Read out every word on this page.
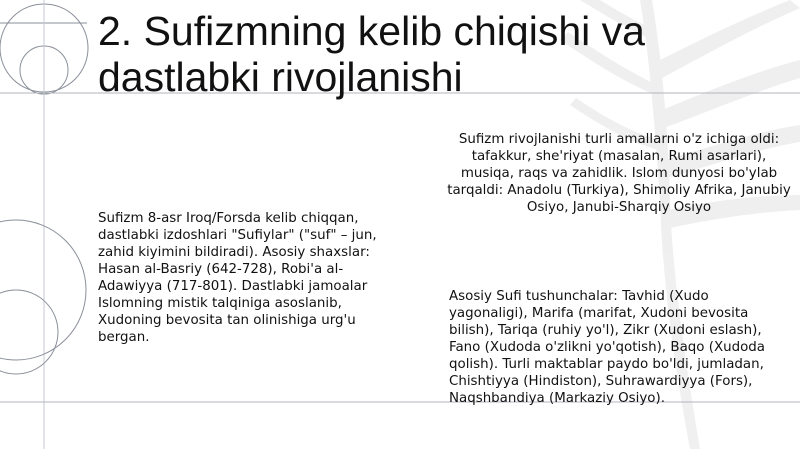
2. Sufizmning kelib chiqishi va
dastlabki rivojlanishi
Sufizm 8-asr Iroq/Forsda kelib chiqqan, dastlabki izdoshlari "Sufiylar" ("suf" – jun, zahid kiyimini bildiradi). Asosiy shaxslar: Hasan al-Basriy (642-728), Robi'a al-Adawiyya (717-801). Dastlabki jamoalar Islomning mistik talqiniga asoslanib, Xudoning bevosita tan olinishiga urg'u bergan.
Sufizm rivojlanishi turli amallarni o'z ichiga oldi: tafakkur, she'riyat (masalan, Rumi asarlari), musiqa, raqs va zahidlik. Islom dunyosi bo'ylab tarqaldi: Anadolu (Turkiya), Shimoliy Afrika, Janubiy Osiyo, Janubi-Sharqiy Osiyo
Asosiy Sufi tushunchalar: Tavhid (Xudo yagonaligi), Marifa (marifat, Xudoni bevosita bilish), Tariqa (ruhiy yo'l), Zikr (Xudoni eslash), Fano (Xudoda o'zlikni yo'qotish), Baqo (Xudoda qolish). Turli maktablar paydo bo'ldi, jumladan, Chishtiyya (Hindiston), Suhrawardiyya (Fors), Naqshbandiya (Markaziy Osiyo).
